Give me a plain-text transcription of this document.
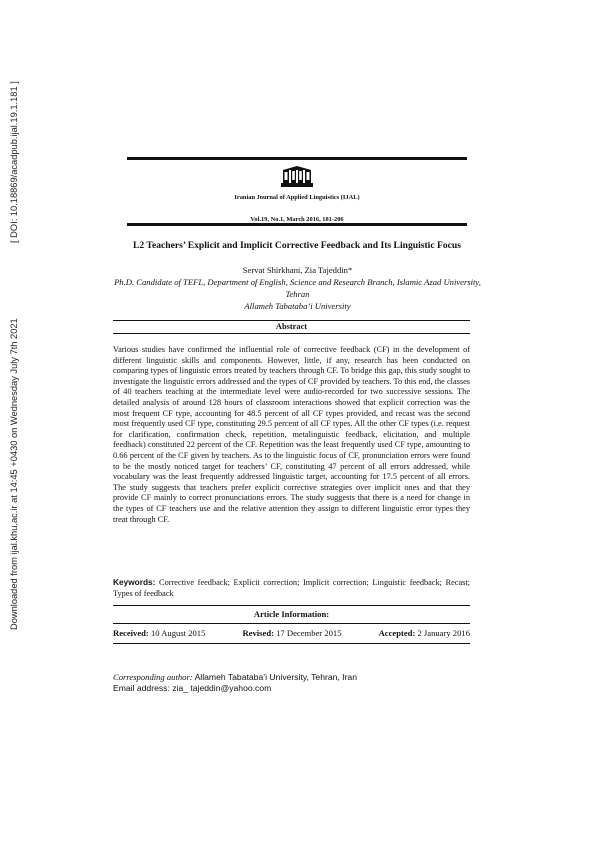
[ DOI: 10.18869/acadpub.ijal.19.1.181 ]
Downloaded from ijal.khu.ac.ir at 14:45 +0430 on Wednesday July 7th 2021
Iranian Journal of Applied Linguistics (IJAL)
Vol.19, No.1, March 2016, 181-206
L2 Teachers’ Explicit and Implicit Corrective Feedback and Its Linguistic Focus
Servat Shirkhani, Zia Tajeddin*
Ph.D. Candidate of TEFL, Department of English, Science and Research Branch, Islamic Azad University, Tehran
Allameh Tabataba’i University
Abstract
Various studies have confirmed the influential role of corrective feedback (CF) in the development of different linguistic skills and components. However, little, if any, research has been conducted on comparing types of linguistic errors treated by teachers through CF. To bridge this gap, this study sought to investigate the linguistic errors addressed and the types of CF provided by teachers. To this end, the classes of 40 teachers teaching at the intermediate level were audio-recorded for two successive sessions. The detailed analysis of around 128 hours of classroom interactions showed that explicit correction was the most frequent CF type, accounting for 48.5 percent of all CF types provided, and recast was the second most frequently used CF type, constituting 29.5 percent of all CF types. All the other CF types (i.e. request for clarification, confirmation check, repetition, metalinguistic feedback, elicitation, and multiple feedback) constituted 22 percent of the CF. Repetition was the least frequently used CF type, amounting to 0.66 percent of the CF given by teachers. As to the linguistic focus of CF, pronunciation errors were found to be the mostly noticed target for teachers’ CF, constituting 47 percent of all errors addressed, while vocabulary was the least frequently addressed linguistic target, accounting for 17.5 percent of all errors. The study suggests that teachers prefer explicit corrective strategies over implicit ones and that they provide CF mainly to correct pronunciations errors. The study suggests that there is a need for change in the types of CF teachers use and the relative attention they assign to different linguistic error types they treat through CF.
Keywords: Corrective feedback; Explicit correction; Implicit correction; Linguistic feedback; Recast; Types of feedback
Article Information:
Received: 10 August 2015	Revised: 17 December 2015	Accepted: 2 January 2016
Corresponding author: Allameh Tabataba’i University, Tehran, Iran
Email address: zia_ tajeddin@yahoo.com
